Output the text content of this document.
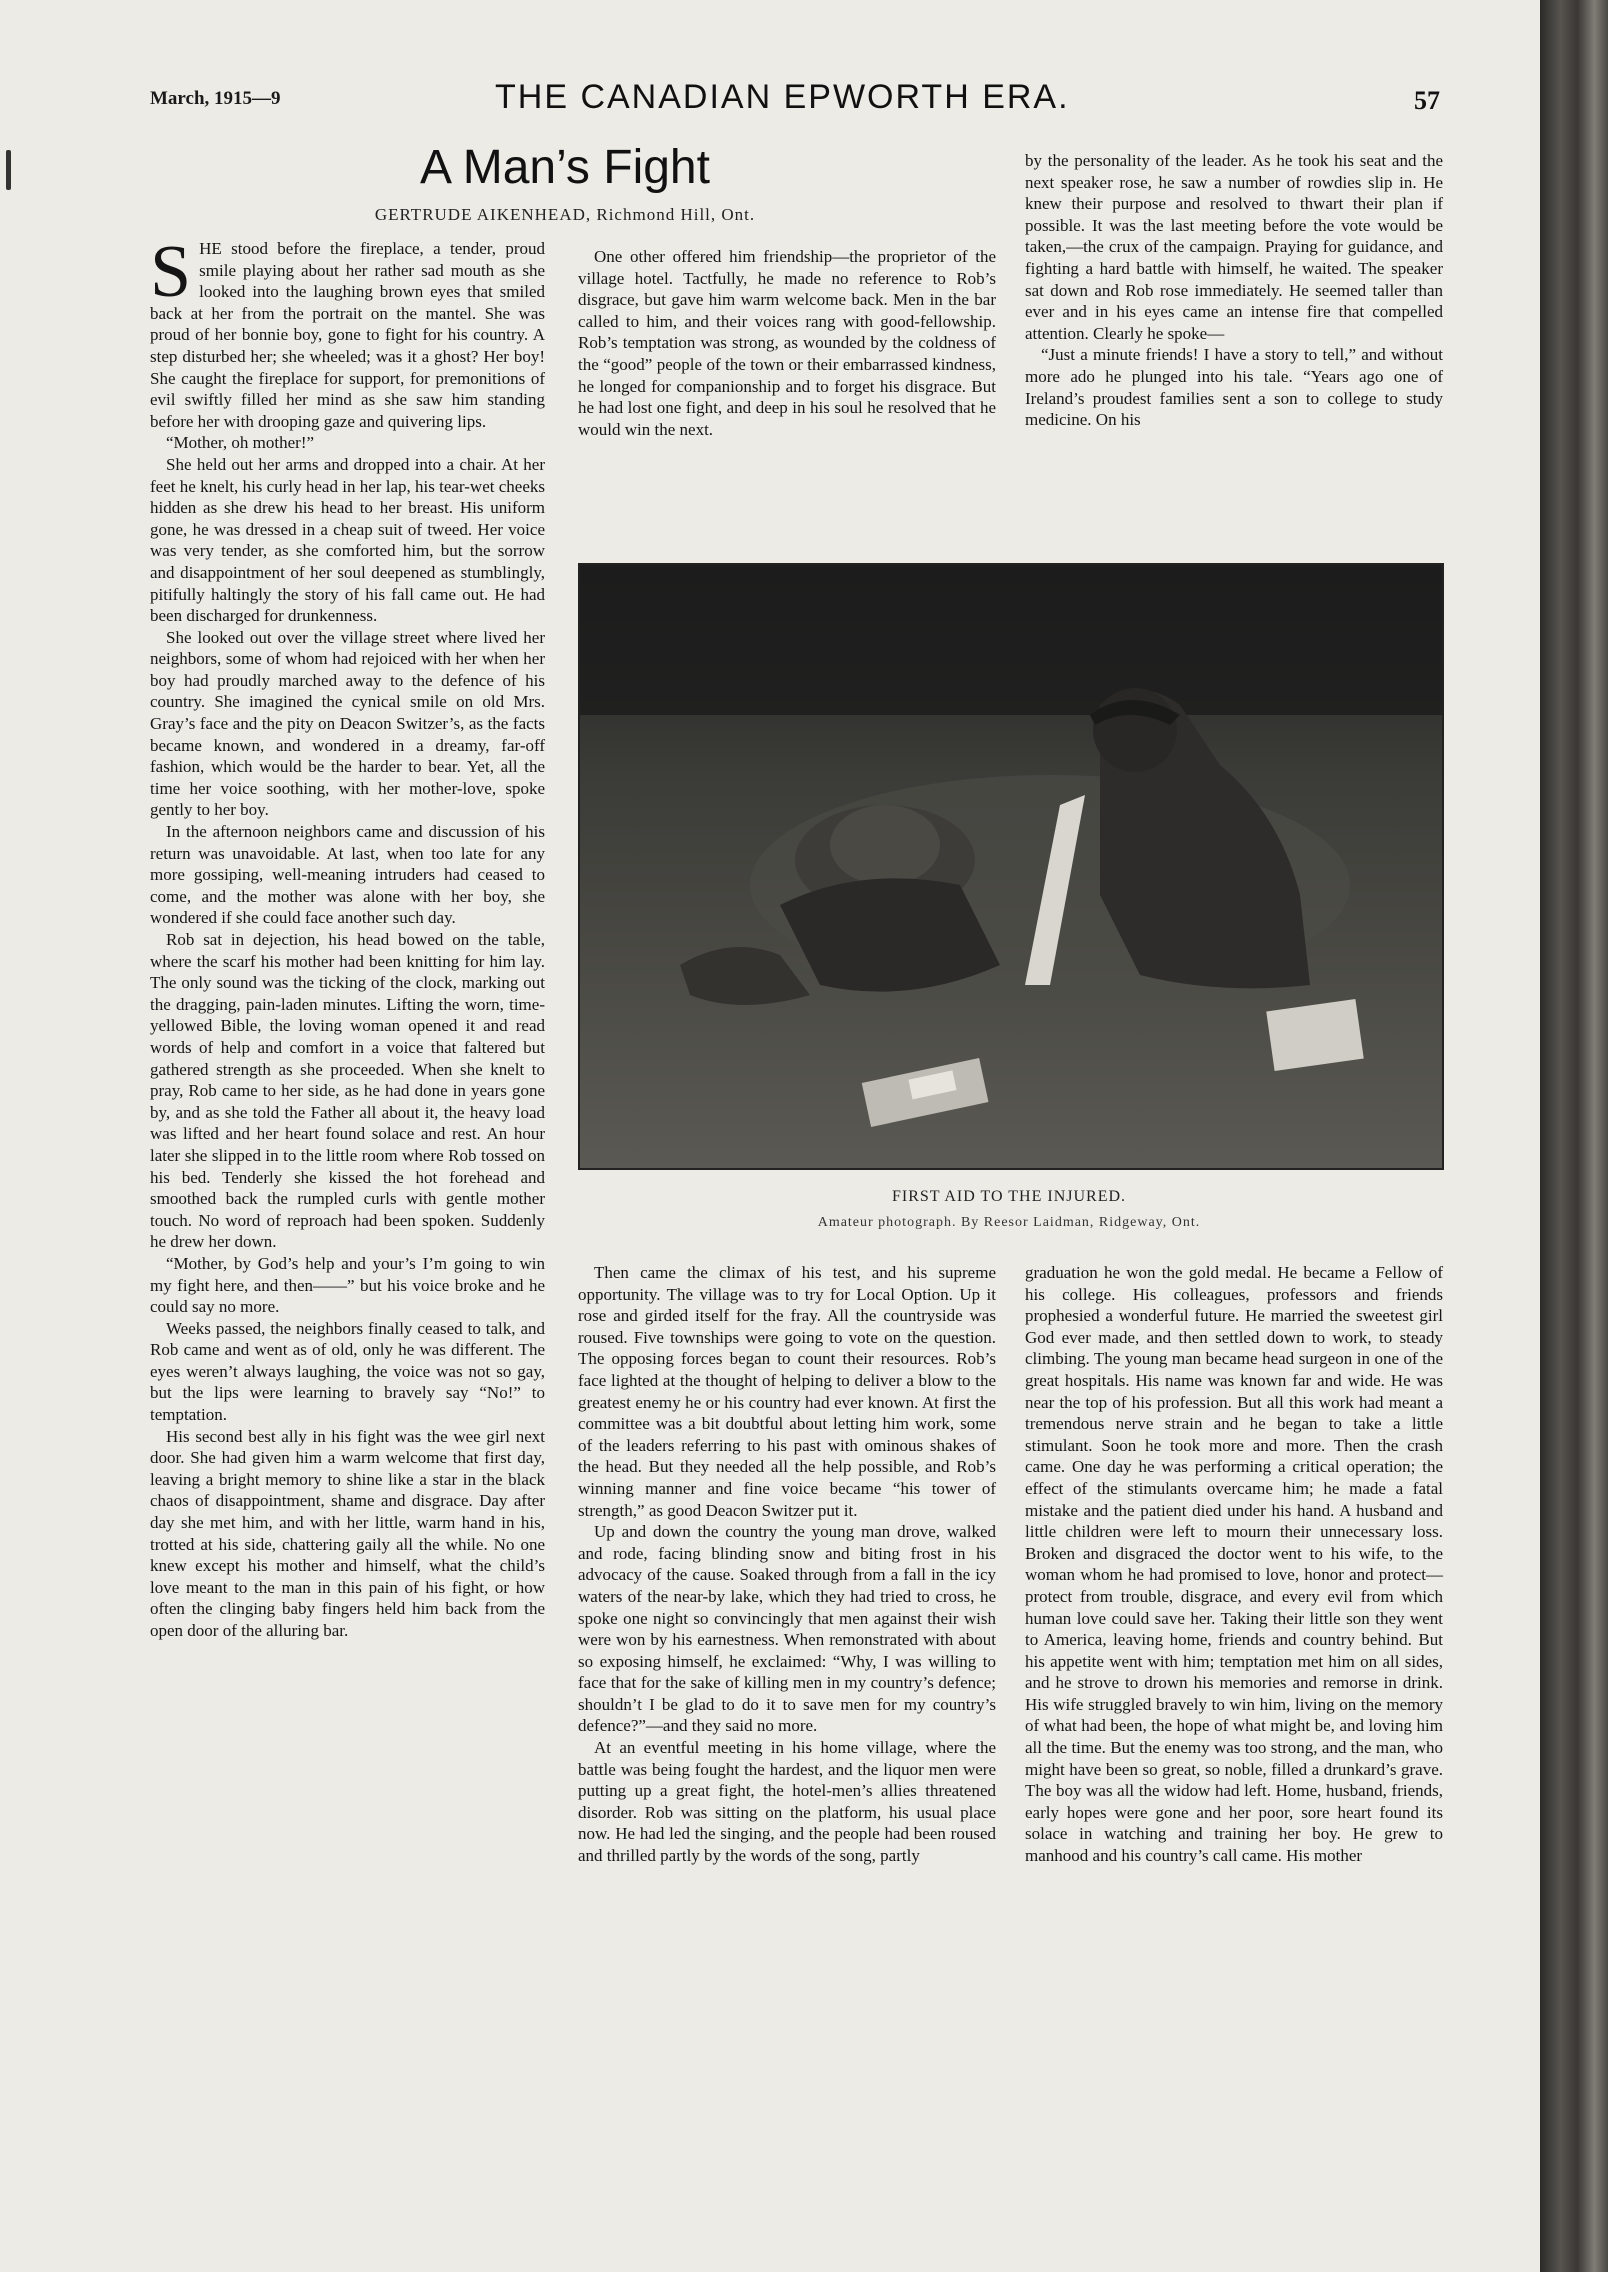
March, 1915—9	THE CANADIAN EPWORTH ERA.	57
A Man’s Fight
GERTRUDE AIKENHEAD, Richmond Hill, Ont.

SHE stood before the fireplace, a tender, proud smile playing about her rather sad mouth as she looked into the laughing brown eyes that smiled back at her from the portrait on the mantel. She was proud of her bonnie boy, gone to fight for his country. A step disturbed her; she wheeled; was it a ghost? Her boy! She caught the fireplace for support, for premonitions of evil swiftly filled her mind as she saw him standing before her with drooping gaze and quivering lips.

“Mother, oh mother!”

She held out her arms and dropped into a chair. At her feet he knelt, his curly head in her lap, his tear-wet cheeks hidden as she drew his head to her breast. His uniform gone, he was dressed in a cheap suit of tweed. Her voice was very tender, as she comforted him, but the sorrow and disappointment of her soul deepened as stumblingly, pitifully haltingly the story of his fall came out. He had been discharged for drunkenness.

She looked out over the village street where lived her neighbors, some of whom had rejoiced with her when her boy had proudly marched away to the defence of his country. She imagined the cynical smile on old Mrs. Gray’s face and the pity on Deacon Switzer’s, as the facts became known, and wondered in a dreamy, far-off fashion, which would be the harder to bear. Yet, all the time her voice soothing, with her mother-love, spoke gently to her boy.

In the afternoon neighbors came and discussion of his return was unavoidable. At last, when too late for any more gossiping, well-meaning intruders had ceased to come, and the mother was alone with her boy, she wondered if she could face another such day.

Rob sat in dejection, his head bowed on the table, where the scarf his mother had been knitting for him lay. The only sound was the ticking of the clock, marking out the dragging, pain-laden minutes. Lifting the worn, time-yellowed Bible, the loving woman opened it and read words of help and comfort in a voice that faltered but gathered strength as she proceeded. When she knelt to pray, Rob came to her side, as he had done in years gone by, and as she told the Father all about it, the heavy load was lifted and her heart found solace and rest. An hour later she slipped in to the little room where Rob tossed on his bed. Tenderly she kissed the hot forehead and smoothed back the rumpled curls with gentle mother touch. No word of reproach had been spoken. Suddenly he drew her down.

“Mother, by God’s help and your’s I’m going to win my fight here, and then——” but his voice broke and he could say no more.

Weeks passed, the neighbors finally ceased to talk, and Rob came and went as of old, only he was different. The eyes weren’t always laughing, the voice was not so gay, but the lips were learning to bravely say “No!” to temptation.

His second best ally in his fight was the wee girl next door. She had given him a warm welcome that first day, leaving a bright memory to shine like a star in the black chaos of disappointment, shame and disgrace. Day after day she met him, and with her little, warm hand in his, trotted at his side, chattering gaily all the while. No one knew except his mother and himself, what the child’s love meant to the man in this pain of his fight, or how often the clinging baby fingers held him back from the open door of the alluring bar.

One other offered him friendship—the proprietor of the village hotel. Tactfully, he made no reference to Rob’s disgrace, but gave him warm welcome back. Men in the bar called to him, and their voices rang with good-fellowship. Rob’s temptation was strong, as wounded by the coldness of the “good” people of the town or their embarrassed kindness, he longed for companionship and to forget his disgrace. But he had lost one fight, and deep in his soul he resolved that he would win the next.

by the personality of the leader. As he took his seat and the next speaker rose, he saw a number of rowdies slip in. He knew their purpose and resolved to thwart their plan if possible. It was the last meeting before the vote would be taken,—the crux of the campaign. Praying for guidance, and fighting a hard battle with himself, he waited. The speaker sat down and Rob rose immediately. He seemed taller than ever and in his eyes came an intense fire that compelled attention. Clearly he spoke—

“Just a minute friends! I have a story to tell,” and without more ado he plunged into his tale. “Years ago one of Ireland’s proudest families sent a son to college to study medicine. On his

FIRST AID TO THE INJURED.
Amateur photograph. By Reesor Laidman, Ridgeway, Ont.

Then came the climax of his test, and his supreme opportunity. The village was to try for Local Option. Up it rose and girded itself for the fray. All the countryside was roused. Five townships were going to vote on the question. The opposing forces began to count their resources. Rob’s face lighted at the thought of helping to deliver a blow to the greatest enemy he or his country had ever known. At first the committee was a bit doubtful about letting him work, some of the leaders referring to his past with ominous shakes of the head. But they needed all the help possible, and Rob’s winning manner and fine voice became “his tower of strength,” as good Deacon Switzer put it.

Up and down the country the young man drove, walked and rode, facing blinding snow and biting frost in his advocacy of the cause. Soaked through from a fall in the icy waters of the near-by lake, which they had tried to cross, he spoke one night so convincingly that men against their wish were won by his earnestness. When remonstrated with about so exposing himself, he exclaimed: “Why, I was willing to face that for the sake of killing men in my country’s defence; shouldn’t I be glad to do it to save men for my country’s defence?”—and they said no more.

At an eventful meeting in his home village, where the battle was being fought the hardest, and the liquor men were putting up a great fight, the hotel-men’s allies threatened disorder. Rob was sitting on the platform, his usual place now. He had led the singing, and the people had been roused and thrilled partly by the words of the song, partly

graduation he won the gold medal. He became a Fellow of his college. His colleagues, professors and friends prophesied a wonderful future. He married the sweetest girl God ever made, and then settled down to work, to steady climbing. The young man became head surgeon in one of the great hospitals. His name was known far and wide. He was near the top of his profession. But all this work had meant a tremendous nerve strain and he began to take a little stimulant. Soon he took more and more. Then the crash came. One day he was performing a critical operation; the effect of the stimulants overcame him; he made a fatal mistake and the patient died under his hand. A husband and little children were left to mourn their unnecessary loss. Broken and disgraced the doctor went to his wife, to the woman whom he had promised to love, honor and protect—protect from trouble, disgrace, and every evil from which human love could save her. Taking their little son they went to America, leaving home, friends and country behind. But his appetite went with him; temptation met him on all sides, and he strove to drown his memories and remorse in drink. His wife struggled bravely to win him, living on the memory of what had been, the hope of what might be, and loving him all the time. But the enemy was too strong, and the man, who might have been so great, so noble, filled a drunkard’s grave. The boy was all the widow had left. Home, husband, friends, early hopes were gone and her poor, sore heart found its solace in watching and training her boy. He grew to manhood and his country’s call came. His mother
